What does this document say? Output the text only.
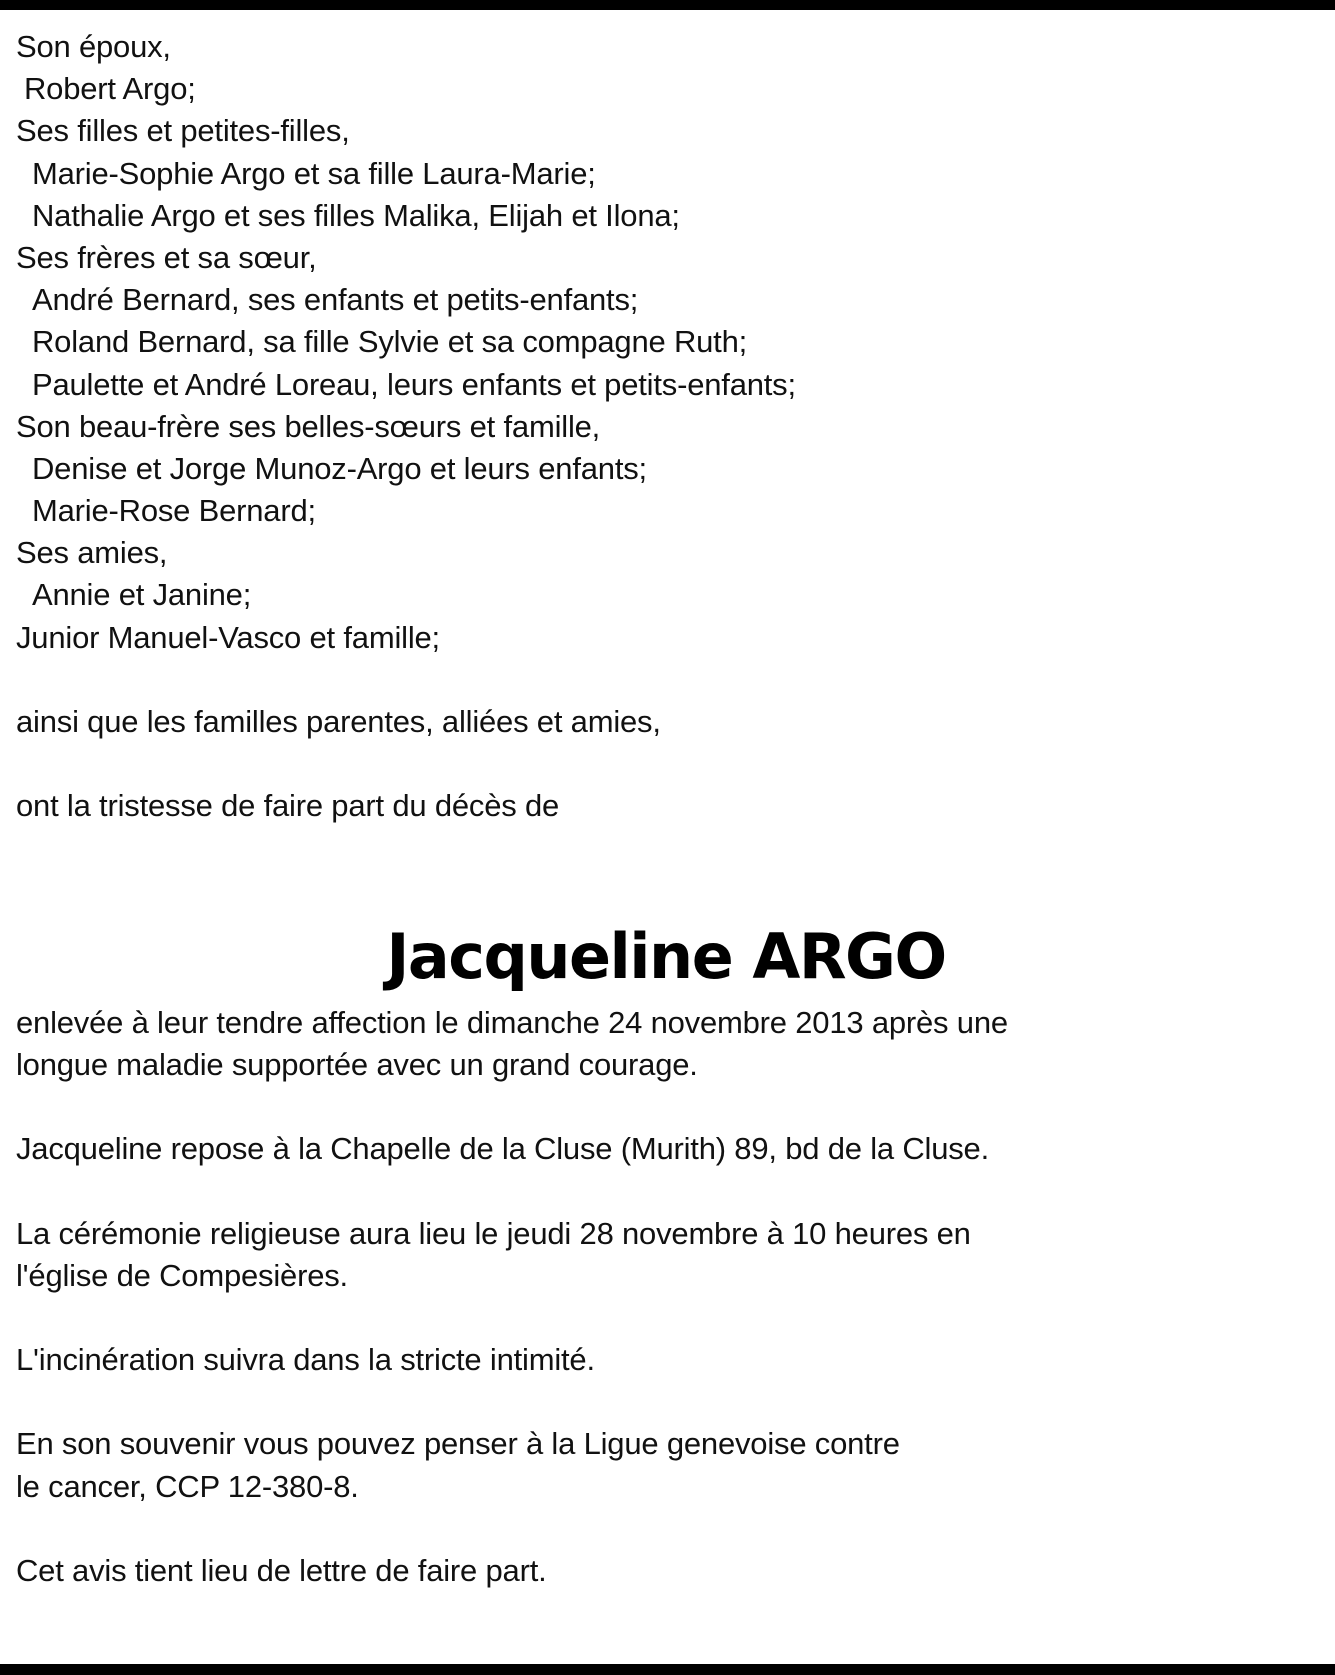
Son époux,
Robert Argo;
Ses filles et petites-filles,
Marie-Sophie Argo et sa fille Laura-Marie;
Nathalie Argo et ses filles Malika, Elijah et Ilona;
Ses frères et sa sœur,
André Bernard, ses enfants et petits-enfants;
Roland Bernard, sa fille Sylvie et sa compagne Ruth;
Paulette et André Loreau, leurs enfants et petits-enfants;
Son beau-frère ses belles-sœurs et famille,
Denise et Jorge Munoz-Argo et leurs enfants;
Marie-Rose Bernard;
Ses amies,
Annie et Janine;
Junior Manuel-Vasco et famille;
ainsi que les familles parentes, alliées et amies,
ont la tristesse de faire part du décès de
Jacqueline ARGO
enlevée à leur tendre affection le dimanche 24 novembre 2013 après une
longue maladie supportée avec un grand courage.
Jacqueline repose à la Chapelle de la Cluse (Murith) 89, bd de la Cluse.
La cérémonie religieuse aura lieu le jeudi 28 novembre à 10 heures en
l'église de Compesières.
L'incinération suivra dans la stricte intimité.
En son souvenir vous pouvez penser à la Ligue genevoise contre
le cancer, CCP 12-380-8.
Cet avis tient lieu de lettre de faire part.
